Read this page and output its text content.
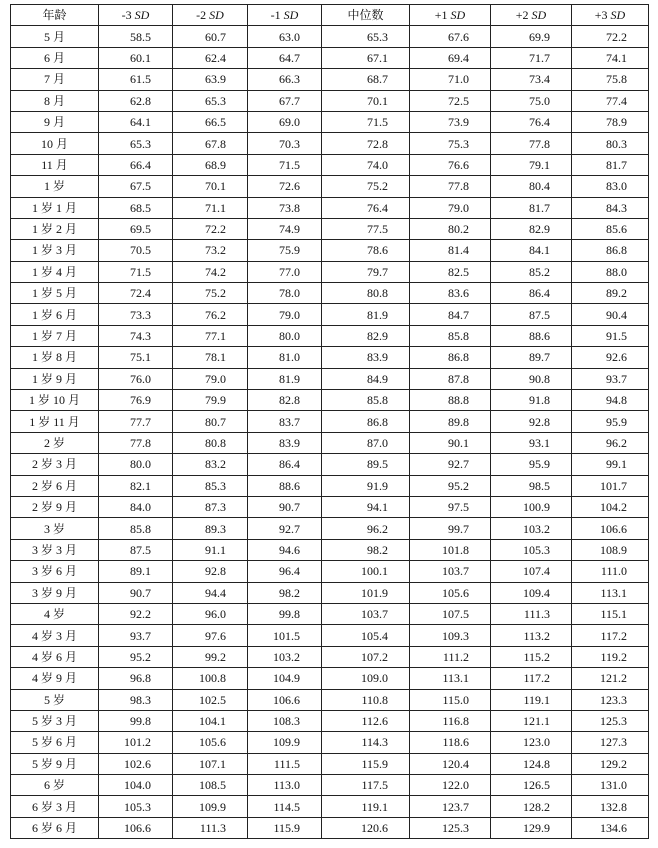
年龄	-3 SD	-2 SD	-1 SD	中位数	+1 SD	+2 SD	+3 SD
5 月	58.5	60.7	63.0	65.3	67.6	69.9	72.2
6 月	60.1	62.4	64.7	67.1	69.4	71.7	74.1
7 月	61.5	63.9	66.3	68.7	71.0	73.4	75.8
8 月	62.8	65.3	67.7	70.1	72.5	75.0	77.4
9 月	64.1	66.5	69.0	71.5	73.9	76.4	78.9
10 月	65.3	67.8	70.3	72.8	75.3	77.8	80.3
11 月	66.4	68.9	71.5	74.0	76.6	79.1	81.7
1 岁	67.5	70.1	72.6	75.2	77.8	80.4	83.0
1 岁 1 月	68.5	71.1	73.8	76.4	79.0	81.7	84.3
1 岁 2 月	69.5	72.2	74.9	77.5	80.2	82.9	85.6
1 岁 3 月	70.5	73.2	75.9	78.6	81.4	84.1	86.8
1 岁 4 月	71.5	74.2	77.0	79.7	82.5	85.2	88.0
1 岁 5 月	72.4	75.2	78.0	80.8	83.6	86.4	89.2
1 岁 6 月	73.3	76.2	79.0	81.9	84.7	87.5	90.4
1 岁 7 月	74.3	77.1	80.0	82.9	85.8	88.6	91.5
1 岁 8 月	75.1	78.1	81.0	83.9	86.8	89.7	92.6
1 岁 9 月	76.0	79.0	81.9	84.9	87.8	90.8	93.7
1 岁 10 月	76.9	79.9	82.8	85.8	88.8	91.8	94.8
1 岁 11 月	77.7	80.7	83.7	86.8	89.8	92.8	95.9
2 岁	77.8	80.8	83.9	87.0	90.1	93.1	96.2
2 岁 3 月	80.0	83.2	86.4	89.5	92.7	95.9	99.1
2 岁 6 月	82.1	85.3	88.6	91.9	95.2	98.5	101.7
2 岁 9 月	84.0	87.3	90.7	94.1	97.5	100.9	104.2
3 岁	85.8	89.3	92.7	96.2	99.7	103.2	106.6
3 岁 3 月	87.5	91.1	94.6	98.2	101.8	105.3	108.9
3 岁 6 月	89.1	92.8	96.4	100.1	103.7	107.4	111.0
3 岁 9 月	90.7	94.4	98.2	101.9	105.6	109.4	113.1
4 岁	92.2	96.0	99.8	103.7	107.5	111.3	115.1
4 岁 3 月	93.7	97.6	101.5	105.4	109.3	113.2	117.2
4 岁 6 月	95.2	99.2	103.2	107.2	111.2	115.2	119.2
4 岁 9 月	96.8	100.8	104.9	109.0	113.1	117.2	121.2
5 岁	98.3	102.5	106.6	110.8	115.0	119.1	123.3
5 岁 3 月	99.8	104.1	108.3	112.6	116.8	121.1	125.3
5 岁 6 月	101.2	105.6	109.9	114.3	118.6	123.0	127.3
5 岁 9 月	102.6	107.1	111.5	115.9	120.4	124.8	129.2
6 岁	104.0	108.5	113.0	117.5	122.0	126.5	131.0
6 岁 3 月	105.3	109.9	114.5	119.1	123.7	128.2	132.8
6 岁 6 月	106.6	111.3	115.9	120.6	125.3	129.9	134.6
